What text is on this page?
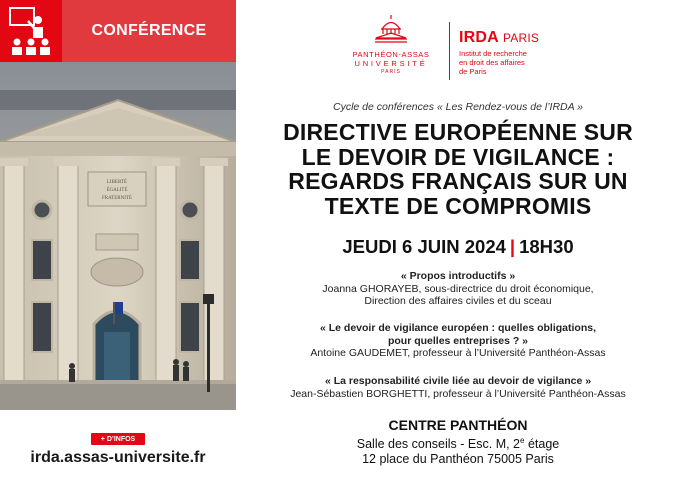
CONFÉRENCE
LIBERTÉ
ÉGALITÉ
FRATERNITÉ
+ D’INFOS
irda.assas-universite.fr
PANTHÉON-ASSAS
UNIVERSITÉ
PARIS
IRDA PARIS
Institut de recherche
en droit des affaires
de Paris
Cycle de conférences « Les Rendez-vous de l’IRDA »
DIRECTIVE EUROPÉENNE SUR
LE DEVOIR DE VIGILANCE :
REGARDS FRANÇAIS SUR UN
TEXTE DE COMPROMIS
JEUDI 6 JUIN 2024 | 18H30
« Propos introductifs »
Joanna GHORAYEB, sous-directrice du droit économique,
Direction des affaires civiles et du sceau
« Le devoir de vigilance européen : quelles obligations,
pour quelles entreprises ? »
Antoine GAUDEMET, professeur à l’Université Panthéon-Assas
« La responsabilité civile liée au devoir de vigilance »
Jean-Sébastien BORGHETTI, professeur à l’Université Panthéon-Assas
CENTRE PANTHÉON
Salle des conseils - Esc. M, 2e étage
12 place du Panthéon 75005 Paris
